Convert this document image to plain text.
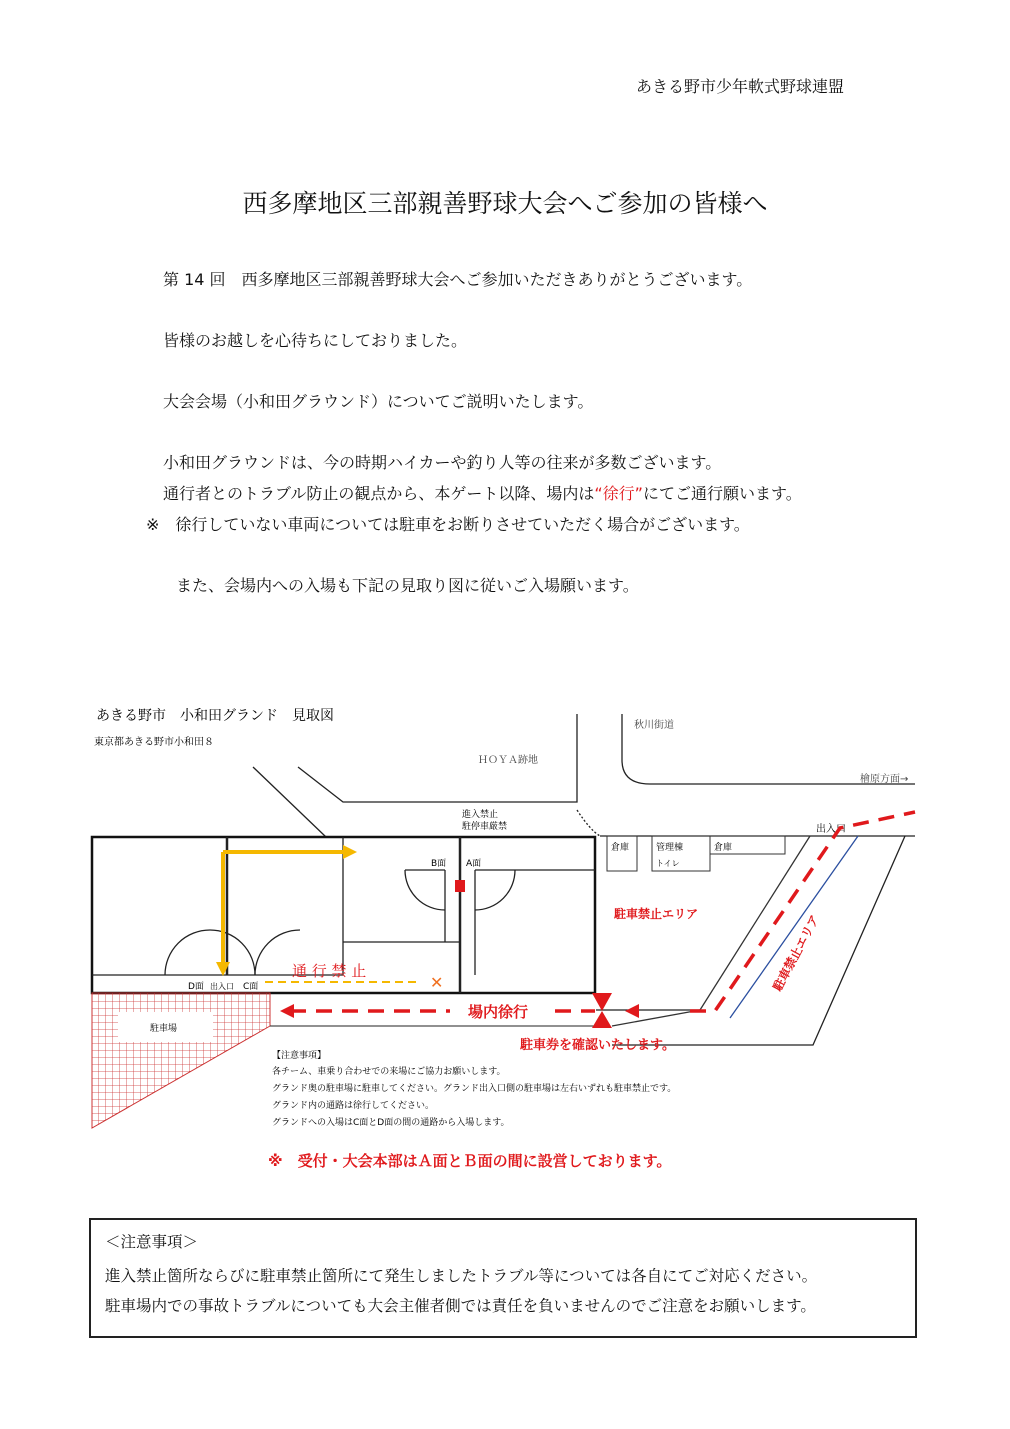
あきる野市少年軟式野球連盟
西多摩地区三部親善野球大会へご参加の皆様へ
第 14 回　西多摩地区三部親善野球大会へご参加いただきありがとうございます。
皆様のお越しを心待ちにしておりました。
大会会場（小和田グラウンド）についてご説明いたします。
小和田グラウンドは、今の時期ハイカーや釣り人等の往来が多数ございます。
通行者とのトラブル防止の観点から、本ゲート以降、場内は“徐行”にてご通行願います。
※　徐行していない車両については駐車をお断りさせていただく場合がございます。
また、会場内への入場も下記の見取り図に従いご入場願います。
あきる野市　小和田グランド　見取図
東京都あきる野市小和田８
ＨＯＹＡ跡地
秋川街道
檜原方面→
進入禁止
駐停車厳禁
倉庫	管理棟
トイレ
倉庫
出入口
B面 A面
D面 出入口 C面	✕
通 行 禁 止
駐車場
場内徐行
駐車禁止エリア	駐車禁止エリア
駐車券を確認いたします。
【注意事項】
各チーム、車乗り合わせでの来場にご協力お願いします。
グランド奥の駐車場に駐車してください。グランド出入口側の駐車場は左右いずれも駐車禁止です。
グランド内の通路は徐行してください。
グランドへの入場はC面とD面の間の通路から入場します。
※　受付・大会本部はＡ面とＢ面の間に設営しております。
＜注意事項＞
進入禁止箇所ならびに駐車禁止箇所にて発生しましたトラブル等については各自にてご対応ください。
駐車場内での事故トラブルについても大会主催者側では責任を負いませんのでご注意をお願いします。
